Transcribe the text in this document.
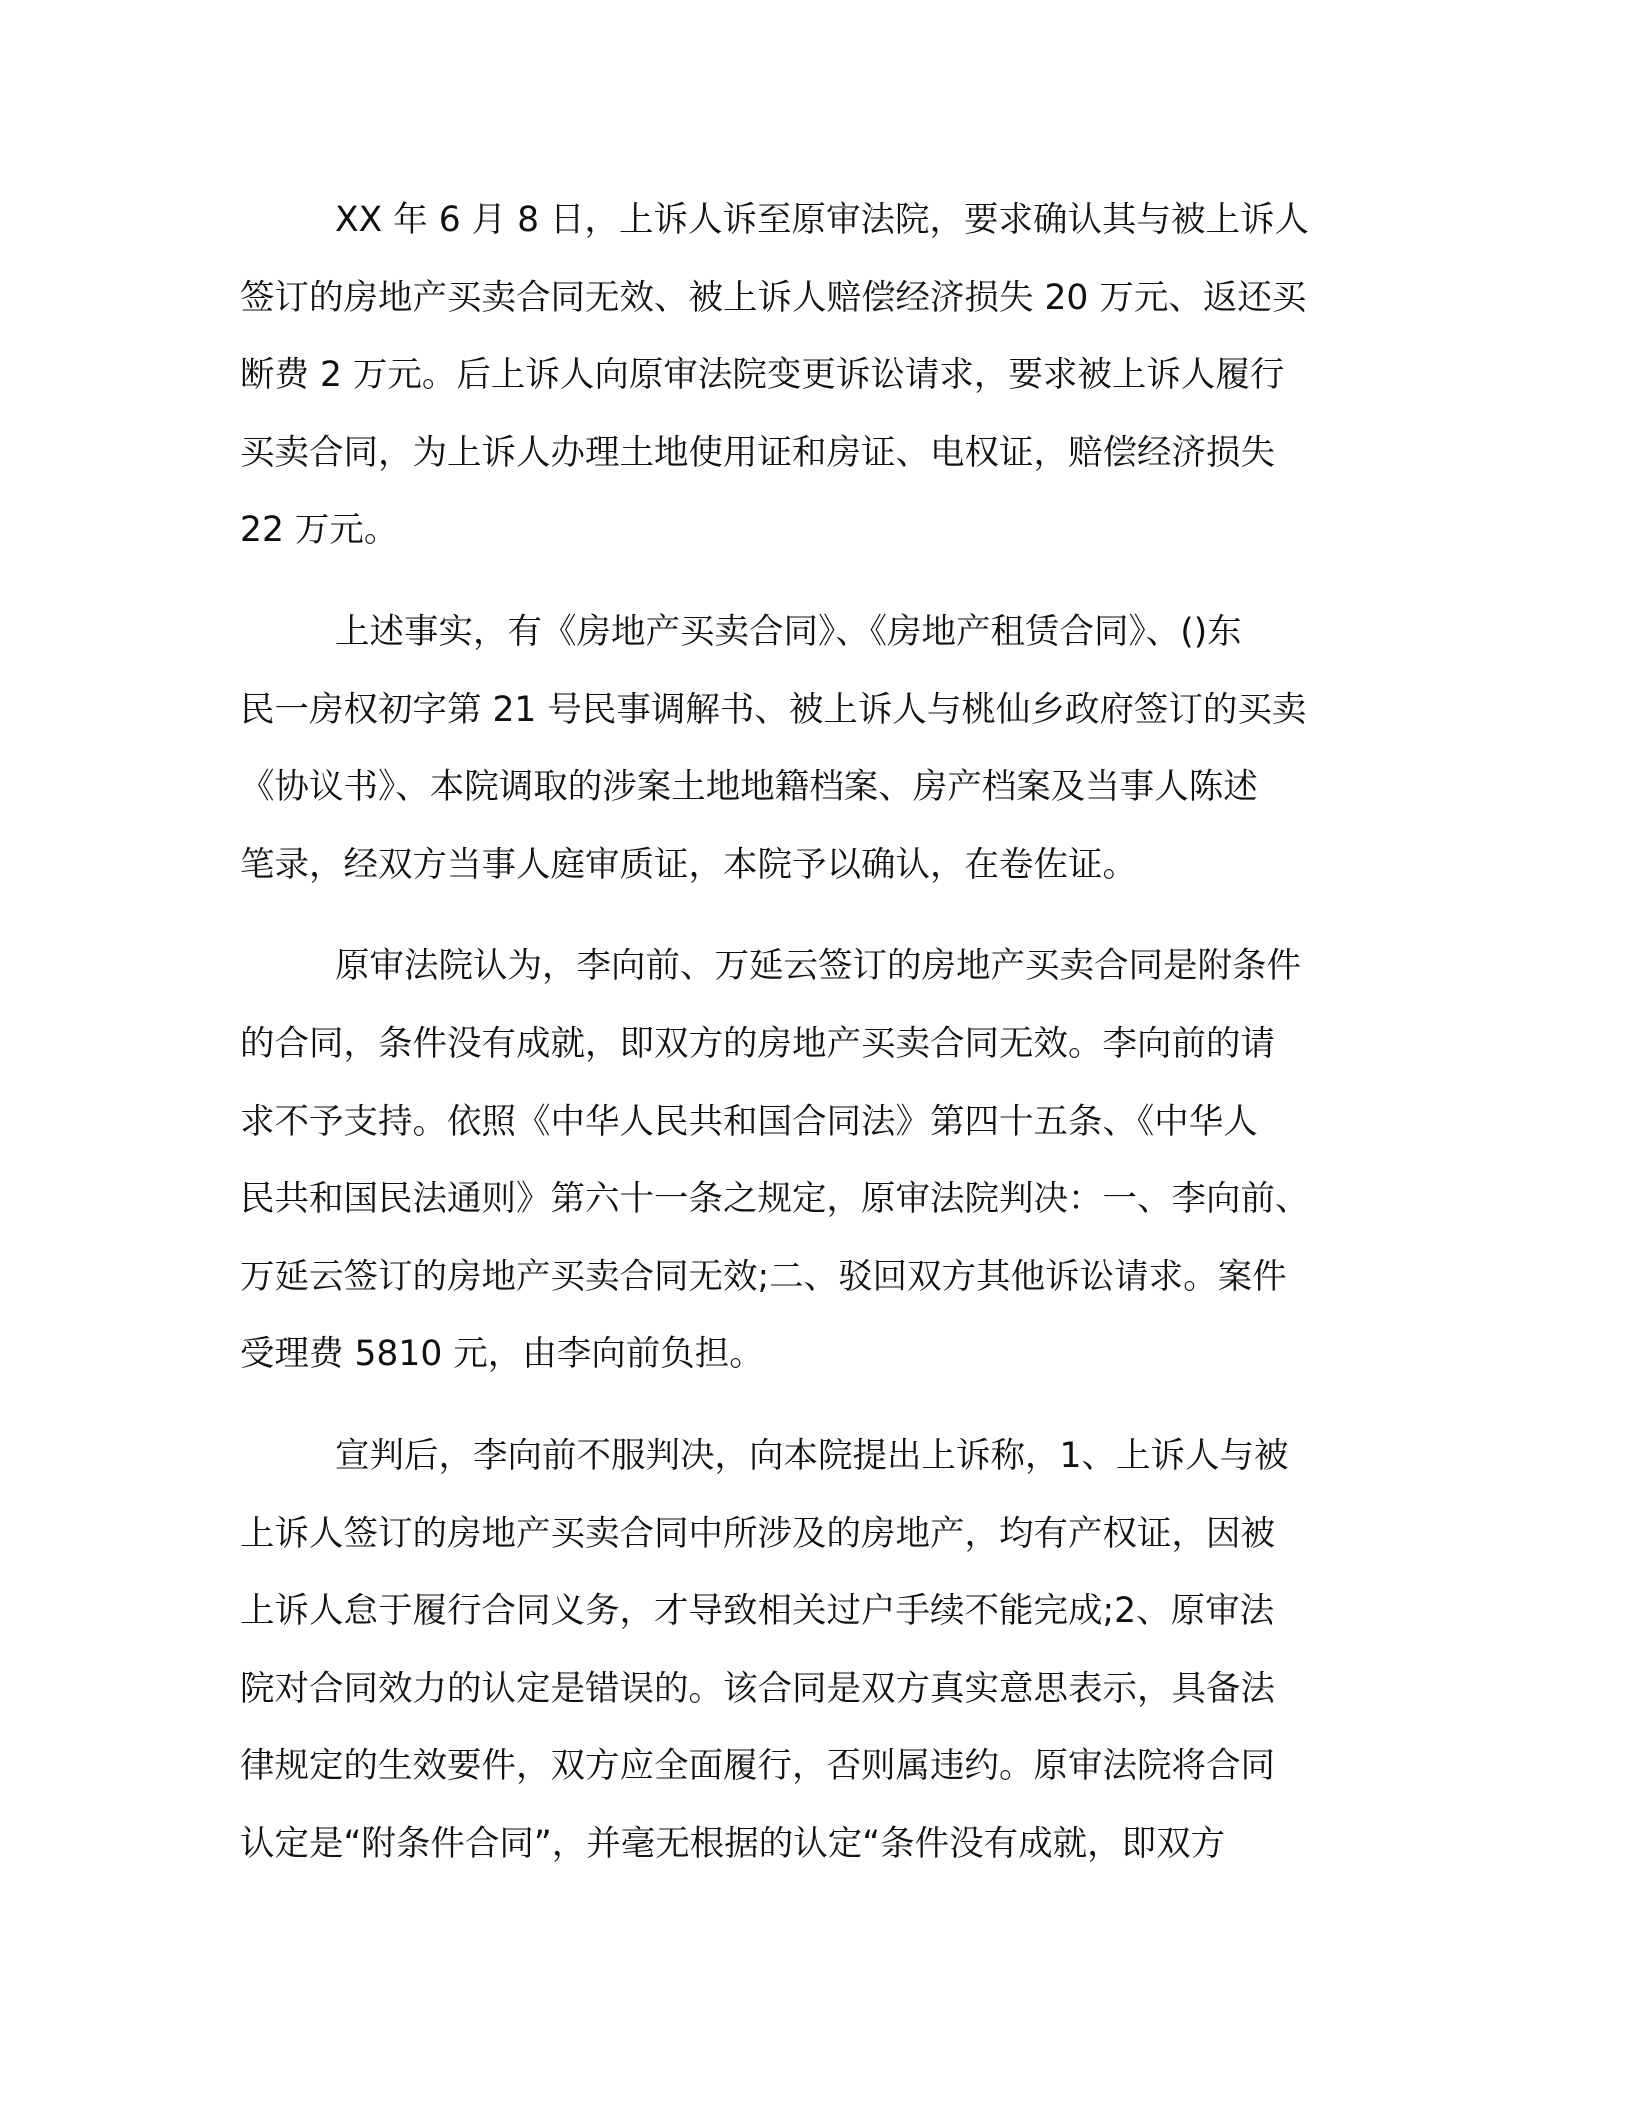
XX 年 6 月 8 日，上诉人诉至原审法院，要求确认其与被上诉人
签订的房地产买卖合同无效、被上诉人赔偿经济损失 20 万元、返还买
断费 2 万元。后上诉人向原审法院变更诉讼请求，要求被上诉人履行
买卖合同，为上诉人办理土地使用证和房证、电权证，赔偿经济损失
22 万元。
上述事实，有《房地产买卖合同》、《房地产租赁合同》、()东
民一房权初字第 21 号民事调解书、被上诉人与桃仙乡政府签订的买卖
《协议书》、本院调取的涉案土地地籍档案、房产档案及当事人陈述
笔录，经双方当事人庭审质证，本院予以确认，在卷佐证。
原审法院认为，李向前、万延云签订的房地产买卖合同是附条件
的合同，条件没有成就，即双方的房地产买卖合同无效。李向前的请
求不予支持。依照《中华人民共和国合同法》第四十五条、《中华人
民共和国民法通则》第六十一条之规定，原审法院判决：一、李向前、
万延云签订的房地产买卖合同无效;二、驳回双方其他诉讼请求。案件
受理费 5810 元，由李向前负担。
宣判后，李向前不服判决，向本院提出上诉称，1、上诉人与被
上诉人签订的房地产买卖合同中所涉及的房地产，均有产权证，因被
上诉人怠于履行合同义务，才导致相关过户手续不能完成;2、原审法
院对合同效力的认定是错误的。该合同是双方真实意思表示，具备法
律规定的生效要件，双方应全面履行，否则属违约。原审法院将合同
认定是“附条件合同”，并毫无根据的认定“条件没有成就，即双方
